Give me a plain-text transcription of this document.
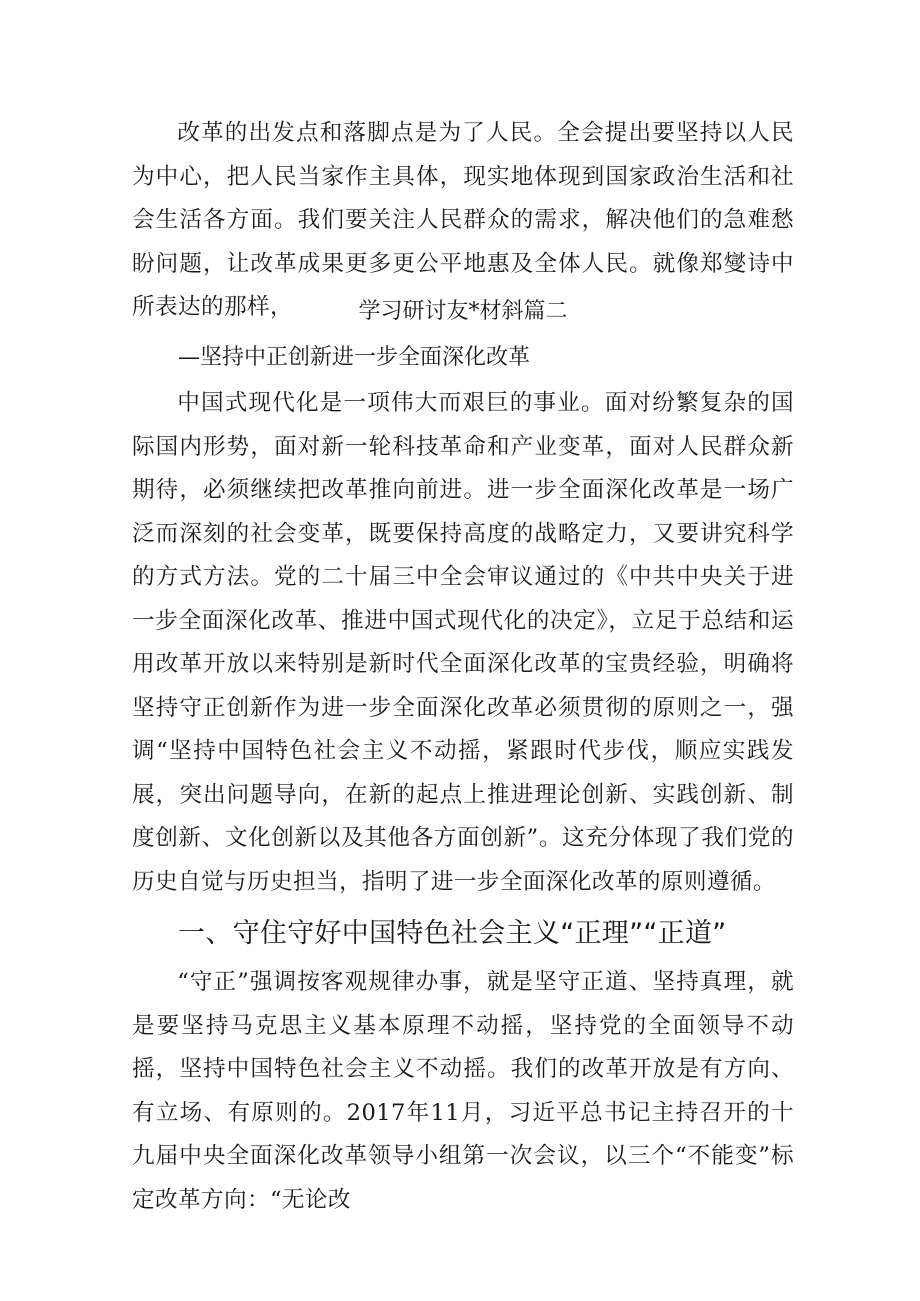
改革的出发点和落脚点是为了人民。全会提出要坚持以人民为中心，把人民当家作主具体，现实地体现到国家政治生活和社会生活各方面。我们要关注人民群众的需求，解决他们的急难愁盼问题，让改革成果更多更公平地惠及全体人民。就像郑燮诗中所表达的那样，	学习研讨友*材斜篇二

—坚持中正创新进一步全面深化改革

中国式现代化是一项伟大而艰巨的事业。面对纷繁复杂的国际国内形势，面对新一轮科技革命和产业变革，面对人民群众新期待，必须继续把改革推向前进。进一步全面深化改革是一场广泛而深刻的社会变革，既要保持高度的战略定力，又要讲究科学的方式方法。党的二十届三中全会审议通过的《中共中央关于进一步全面深化改革、推进中国式现代化的决定》，立足于总结和运用改革开放以来特别是新时代全面深化改革的宝贵经验，明确将坚持守正创新作为进一步全面深化改革必须贯彻的原则之一，强调“坚持中国特色社会主义不动摇，紧跟时代步伐，顺应实践发展，突出问题导向，在新的起点上推进理论创新、实践创新、制度创新、文化创新以及其他各方面创新”。这充分体现了我们党的历史自觉与历史担当，指明了进一步全面深化改革的原则遵循。

一、守住守好中国特色社会主义“正理”“正道”

“守正”强调按客观规律办事，就是坚守正道、坚持真理，就是要坚持马克思主义基本原理不动摇，坚持党的全面领导不动摇，坚持中国特色社会主义不动摇。我们的改革开放是有方向、有立场、有原则的。2017年11月，习近平总书记主持召开的十九届中央全面深化改革领导小组第一次会议，以三个“不能变”标定改革方向：“无论改
